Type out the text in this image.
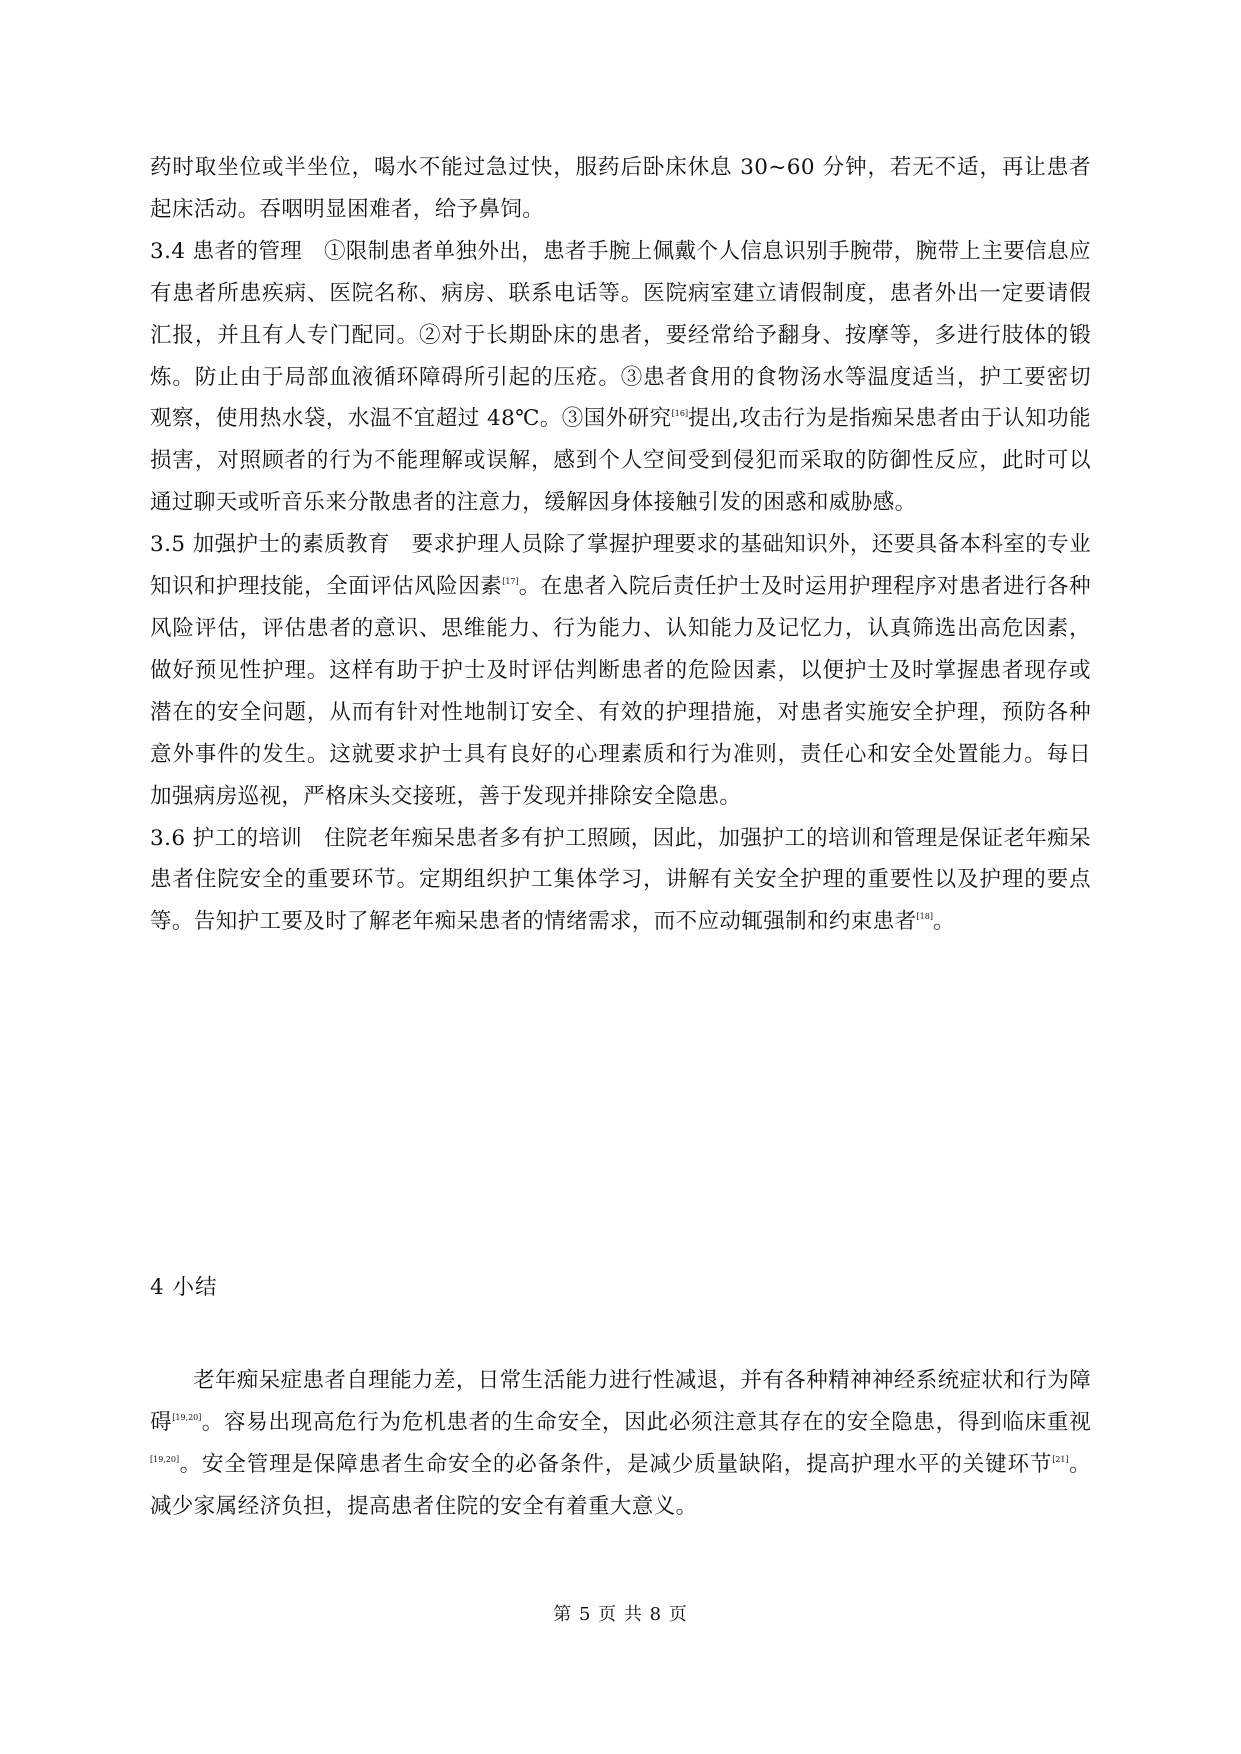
药时取坐位或半坐位，喝水不能过急过快，服药后卧床休息 30~60 分钟，若无不适，再让患者起床活动。吞咽明显困难者，给予鼻饲。

3.4 患者的管理 ①限制患者单独外出，患者手腕上佩戴个人信息识别手腕带，腕带上主要信息应有患者所患疾病、医院名称、病房、联系电话等。医院病室建立请假制度，患者外出一定要请假汇报，并且有人专门配同。②对于长期卧床的患者，要经常给予翻身、按摩等，多进行肢体的锻炼。防止由于局部血液循环障碍所引起的压疮。③患者食用的食物汤水等温度适当，护工要密切观察，使用热水袋，水温不宜超过 48℃。③国外研究[16]提出,攻击行为是指痴呆患者由于认知功能损害，对照顾者的行为不能理解或误解，感到个人空间受到侵犯而采取的防御性反应，此时可以通过聊天或听音乐来分散患者的注意力，缓解因身体接触引发的困惑和威胁感。

3.5 加强护士的素质教育 要求护理人员除了掌握护理要求的基础知识外，还要具备本科室的专业知识和护理技能，全面评估风险因素[17]。在患者入院后责任护士及时运用护理程序对患者进行各种风险评估，评估患者的意识、思维能力、行为能力、认知能力及记忆力，认真筛选出高危因素，做好预见性护理。这样有助于护士及时评估判断患者的危险因素，以便护士及时掌握患者现存或潜在的安全问题，从而有针对性地制订安全、有效的护理措施，对患者实施安全护理，预防各种意外事件的发生。这就要求护士具有良好的心理素质和行为准则，责任心和安全处置能力。每日加强病房巡视，严格床头交接班，善于发现并排除安全隐患。

3.6 护工的培训 住院老年痴呆患者多有护工照顾，因此，加强护工的培训和管理是保证老年痴呆患者住院安全的重要环节。定期组织护工集体学习，讲解有关安全护理的重要性以及护理的要点等。告知护工要及时了解老年痴呆患者的情绪需求，而不应动辄强制和约束患者[18]。

4 小结

老年痴呆症患者自理能力差，日常生活能力进行性减退，并有各种精神神经系统症状和行为障碍[19,20]。容易出现高危行为危机患者的生命安全，因此必须注意其存在的安全隐患，得到临床重视[19,20]。安全管理是保障患者生命安全的必备条件，是减少质量缺陷，提高护理水平的关键环节[21]。减少家属经济负担，提高患者住院的安全有着重大意义。

第 5 页 共 8 页
